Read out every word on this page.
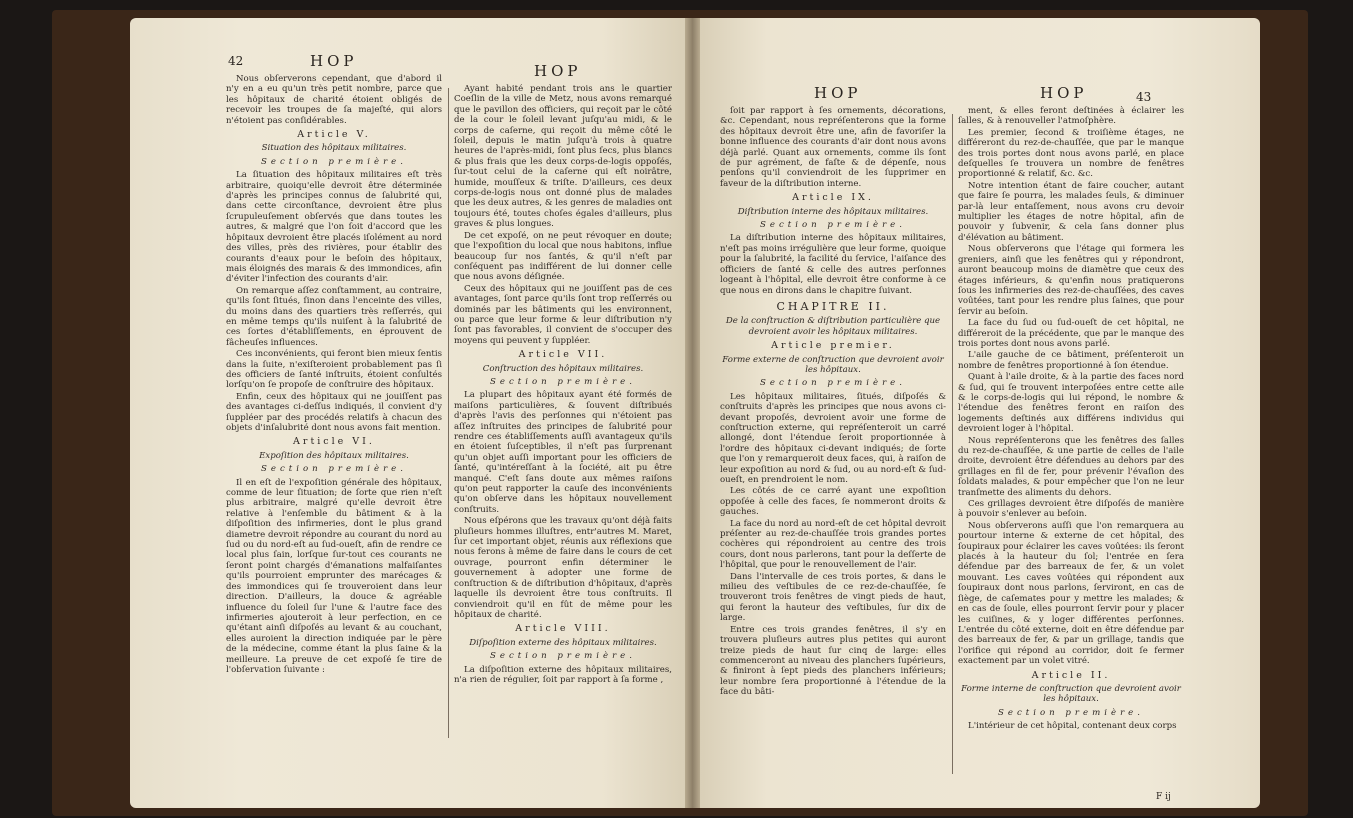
42	HOP
HOP

Nous obſerverons cependant, que d'abord il n'y en a eu qu'un très petit nombre, parce que les hôpitaux de charité étoient obligés de recevoir les troupes de ſa majeſté, qui alors n'étoient pas conſidérables.

Article V.

Situation des hôpitaux militaires.

Section première.

La ſituation des hôpitaux militaires eſt très arbitraire, quoiqu'elle devroit être déterminée d'après les principes connus de ſalubrité qui, dans cette circonſtance, devroient être plus ſcrupuleuſement obſervés que dans toutes les autres, & malgré que l'on ſoit d'accord que les hôpitaux devroient être placés iſolément au nord des villes, près des rivières, pour établir des courants d'eaux pour le beſoin des hôpitaux, mais éloignés des marais & des immondices, afin d'éviter l'infection des courants d'air.

On remarque aſſez conſtamment, au contraire, qu'ils ſont ſitués, ſinon dans l'enceinte des villes, du moins dans des quartiers très reſſerrés, qui en même temps qu'ils nuiſent à la ſalubrité de ces ſortes d'établiſſements, en éprouvent de fâcheuſes influences.

Ces inconvénients, qui feront bien mieux ſentis dans la ſuite, n'exiſteroient probablement pas ſi des officiers de ſanté inſtruits, étoient conſultés lorſqu'on ſe propoſe de conſtruire des hôpitaux.

Enfin, ceux des hôpitaux qui ne jouiſſent pas des avantages ci-deſſus indiqués, il convient d'y ſuppléer par des procédés relatifs à chacun des objets d'inſalubrité dont nous avons fait mention.

Article VI.

Expoſition des hôpitaux militaires.

Section première.

Il en eſt de l'expoſition générale des hôpitaux, comme de leur ſituation; de ſorte que rien n'eſt plus arbitraire, malgré qu'elle devroit être relative à l'enſemble du bâtiment & à la diſpoſition des infirmeries, dont le plus grand diametre devroit répondre au courant du nord au ſud ou du nord-eſt au ſud-oueſt, afin de rendre ce local plus ſain, lorſque ſur-tout ces courants ne ſeront point chargés d'émanations malfaiſantes qu'ils pourroient emprunter des marécages & des immondices qui ſe trouveroient dans leur direction. D'ailleurs, la douce & agréable influence du ſoleil ſur l'une & l'autre face des infirmeries ajouteroit à leur perfection, en ce qu'étant ainſi diſpoſés au levant & au couchant, elles auroient la direction indiquée par le père de la médecine, comme étant la plus ſaine & la meilleure. La preuve de cet expoſé ſe tire de l'obſervation ſuivante :

Ayant habité pendant trois ans le quartier Coeſlin de la ville de Metz, nous avons remarqué que le pavillon des officiers, qui reçoit par le côté de la cour le ſoleil levant juſqu'au midi, & le corps de caſerne, qui reçoit du même côté le ſoleil, depuis le matin juſqu'à trois à quatre heures de l'après-midi, ſont plus ſecs, plus blancs & plus frais que les deux corps-de-logis oppoſés, ſur-tout celui de la caſerne qui eſt noirâtre, humide, mouſſeux & triſte. D'ailleurs, ces deux corps-de-logis nous ont donné plus de malades que les deux autres, & les genres de maladies ont toujours été, toutes choſes égales d'ailleurs, plus graves & plus longues.

De cet expoſé, on ne peut révoquer en doute; que l'expoſition du local que nous habitons, influe beaucoup ſur nos ſantés, & qu'il n'eſt par conſéquent pas indifférent de lui donner celle que nous avons déſignée.

Ceux des hôpitaux qui ne jouiſſent pas de ces avantages, ſont parce qu'ils ſont trop reſſerrés ou dominés par les bâtiments qui les environnent, ou parce que leur forme & leur diſtribution n'y ſont pas favorables, il convient de s'occuper des moyens qui peuvent y ſuppléer.

Article VII.

Conſtruction des hôpitaux militaires.

Section première.

La plupart des hôpitaux ayant été formés de maiſons particulières, & ſouvent diſtribués d'après l'avis des perſonnes qui n'étoient pas aſſez inſtruites des principes de ſalubrité pour rendre ces établiſſements auſſi avantageux qu'ils en étoient ſuſceptibles, il n'eſt pas ſurprenant qu'un objet auſſi important pour les officiers de ſanté, qu'intéreſſant à la ſociété, ait pu être manqué. C'eſt ſans doute aux mêmes raiſons qu'on peut rapporter la cauſe des inconvénients qu'on obſerve dans les hôpitaux nouvellement conſtruits.

Nous eſpérons que les travaux qu'ont déjà faits pluſieurs hommes illuſtres, entr'autres M. Maret, ſur cet important objet, réunis aux réflexions que nous ferons à même de faire dans le cours de cet ouvrage, pourront enfin déterminer le gouvernement à adopter une forme de conſtruction & de diſtribution d'hôpitaux, d'après laquelle ils devroient être tous conſtruits. Il conviendroit qu'il en fût de même pour les hôpitaux de charité.

Article VIII.

Diſpoſition externe des hôpitaux militaires.

Section première.

La diſpoſition externe des hôpitaux militaires, n'a rien de régulier, ſoit par rapport à ſa forme ,

HOP	HOP	43

ſoit par rapport à ſes ornements, décorations, &c. Cependant, nous repréſenterons que la forme des hôpitaux devroit être une, afin de favoriſer la bonne influence des courants d'air dont nous avons déjà parlé. Quant aux ornements, comme ils ſont de pur agrément, de faſte & de dépenſe, nous penſons qu'il conviendroit de les ſupprimer en faveur de la diſtribution interne.

Article IX.

Diſtribution interne des hôpitaux militaires.

Section première.

La diſtribution interne des hôpitaux militaires, n'eſt pas moins irrégulière que leur forme, quoique pour la ſalubrité, la facilité du ſervice, l'aiſance des officiers de ſanté & celle des autres perſonnes logeant à l'hôpital, elle devroit être conforme à ce que nous en dirons dans le chapitre ſuivant.

CHAPITRE II.

De la conſtruction & diſtribution particulière que devroient avoir les hôpitaux militaires.

Article premier.

Forme externe de conſtruction que devroient avoir les hôpitaux.

Section première.

Les hôpitaux militaires, ſitués, diſpoſés & conſtruits d'après les principes que nous avons ci-devant propoſés, devroient avoir une forme de conſtruction externe, qui repréſenteroit un carré allongé, dont l'étendue ſeroit proportionnée à l'ordre des hôpitaux ci-devant indiqués; de ſorte que l'on y remarqueroit deux faces, qui, à raiſon de leur expoſition au nord & ſud, ou au nord-eſt & ſud-oueſt, en prendroient le nom.

Les côtés de ce carré ayant une expoſition oppoſée à celle des faces, ſe nommeront droits & gauches.

La face du nord au nord-eſt de cet hôpital devroit préſenter au rez-de-chauſſée trois grandes portes cochères qui répondroient au centre des trois cours, dont nous parlerons, tant pour la deſſerte de l'hôpital, que pour le renouvellement de l'air.

Dans l'intervalle de ces trois portes, & dans le milieu des veſtibules de ce rez-de-chauſſée, ſe trouveront trois fenêtres de vingt pieds de haut, qui feront la hauteur des veſtibules, ſur dix de large.

Entre ces trois grandes fenêtres, il s'y en trouvera pluſieurs autres plus petites qui auront treize pieds de haut ſur cinq de large: elles commenceront au niveau des planchers ſupérieurs, & finiront à ſept pieds des planchers inférieurs; leur nombre ſera proportionné à l'étendue de la face du bâti-

ment, & elles feront deſtinées à éclairer les ſalles, & à renouveller l'atmoſphère.

Les premier, ſecond & troiſième étages, ne différeront du rez-de-chauſſée, que par le manque des trois portes dont nous avons parlé, en place deſquelles ſe trouvera un nombre de fenêtres proportionné & relatif, &c. &c.

Notre intention étant de faire coucher, autant que faire ſe pourra, les malades ſeuls, & diminuer par-là leur entaſſement, nous avons cru devoir multiplier les étages de notre hôpital, afin de pouvoir y ſubvenir, & cela ſans donner plus d'élévation au bâtiment.

Nous obſerverons que l'étage qui formera les greniers, ainſi que les fenêtres qui y répondront, auront beaucoup moins de diamètre que ceux des étages inférieurs, & qu'enfin nous pratiquerons ſous les infirmeries des rez-de-chauſſées, des caves voûtées, tant pour les rendre plus ſaines, que pour ſervir au beſoin.

La face du ſud ou ſud-oueſt de cet hôpital, ne différeroit de la précédente, que par le manque des trois portes dont nous avons parlé.

L'aile gauche de ce bâtiment, préſenteroit un nombre de fenêtres proportionné à ſon étendue.

Quant à l'aile droite, & à la partie des faces nord & ſud, qui ſe trouvent interpoſées entre cette aile & le corps-de-logis qui lui répond, le nombre & l'étendue des fenêtres feront en raiſon des logements deſtinés aux différens individus qui devroient loger à l'hôpital.

Nous repréſenterons que les fenêtres des ſalles du rez-de-chauſſée, & une partie de celles de l'aile droite, devroient être défendues au dehors par des grillages en fil de fer, pour prévenir l'évaſion des ſoldats malades, & pour empêcher que l'on ne leur tranſmette des aliments du dehors.

Ces grillages devroient être diſpoſés de manière à pouvoir s'enlever au beſoin.

Nous obſerverons auſſi que l'on remarquera au pourtour interne & externe de cet hôpital, des ſoupiraux pour éclairer les caves voûtées: ils ſeront placés à la hauteur du ſol; l'entrée en ſera défendue par des barreaux de fer, & un volet mouvant. Les caves voûtées qui répondent aux ſoupiraux dont nous parlons, ſerviront, en cas de ſiège, de caſemates pour y mettre les malades; & en cas de ſoule, elles pourront ſervir pour y placer les cuiſines, & y loger différentes perſonnes. L'entrée du côté externe, doit en être défendue par des barreaux de fer, & par un grillage, tandis que l'orifice qui répond au corridor, doit ſe fermer exactement par un volet vitré.

Article II.

Forme interne de conſtruction que devroient avoir les hôpitaux.

Section première.

L'intérieur de cet hôpital, contenant deux corps

F ij
